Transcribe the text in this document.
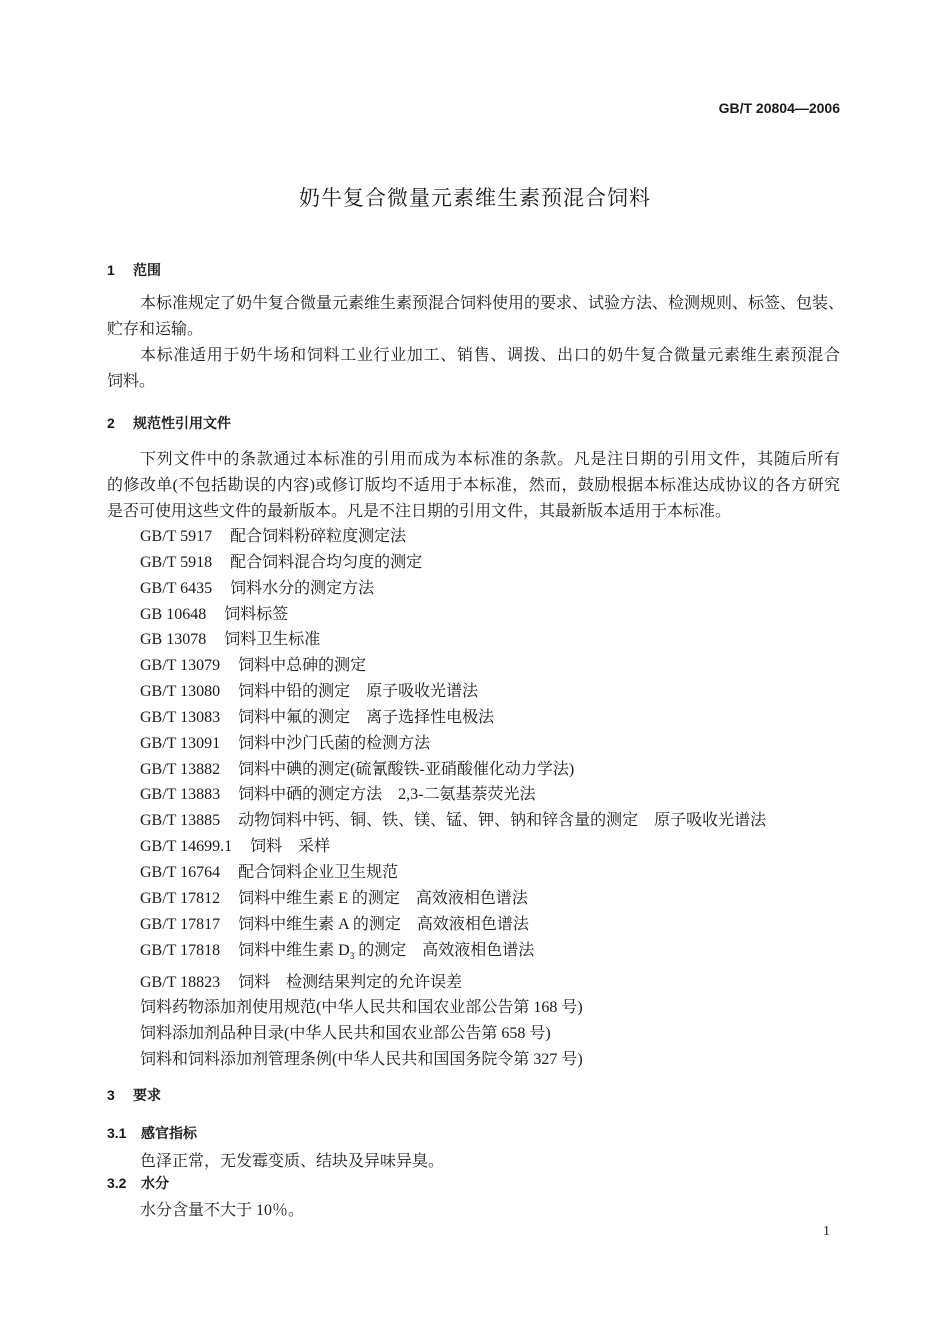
GB/T 20804—2006
奶牛复合微量元素维生素预混合饲料
1 范围
本标准规定了奶牛复合微量元素维生素预混合饲料使用的要求、试验方法、检测规则、标签、包装、
贮存和运输。
本标准适用于奶牛场和饲料工业行业加工、销售、调拨、出口的奶牛复合微量元素维生素预混合
饲料。
2 规范性引用文件
下列文件中的条款通过本标准的引用而成为本标准的条款。凡是注日期的引用文件，其随后所有
的修改单(不包括勘误的内容)或修订版均不适用于本标准，然而，鼓励根据本标准达成协议的各方研究
是否可使用这些文件的最新版本。凡是不注日期的引用文件，其最新版本适用于本标准。
GB/T 5917 配合饲料粉碎粒度测定法
GB/T 5918 配合饲料混合均匀度的测定
GB/T 6435 饲料水分的测定方法
GB 10648 饲料标签
GB 13078 饲料卫生标准
GB/T 13079 饲料中总砷的测定
GB/T 13080 饲料中铅的测定　原子吸收光谱法
GB/T 13083 饲料中氟的测定　离子选择性电极法
GB/T 13091 饲料中沙门氏菌的检测方法
GB/T 13882 饲料中碘的测定(硫氰酸铁-亚硝酸催化动力学法)
GB/T 13883 饲料中硒的测定方法　2,3-二氨基萘荧光法
GB/T 13885 动物饲料中钙、铜、铁、镁、锰、钾、钠和锌含量的测定　原子吸收光谱法
GB/T 14699.1 饲料　采样
GB/T 16764 配合饲料企业卫生规范
GB/T 17812 饲料中维生素 E 的测定　高效液相色谱法
GB/T 17817 饲料中维生素 A 的测定　高效液相色谱法
GB/T 17818 饲料中维生素 $D_3$ 的测定　高效液相色谱法
GB/T 18823 饲料　检测结果判定的允许误差
饲料药物添加剂使用规范(中华人民共和国农业部公告第 168 号)
饲料添加剂品种目录(中华人民共和国农业部公告第 658 号)
饲料和饲料添加剂管理条例(中华人民共和国国务院令第 327 号)
3 要求
3.1 感官指标
色泽正常，无发霉变质、结块及异味异臭。
3.2 水分
水分含量不大于 10％。
1
